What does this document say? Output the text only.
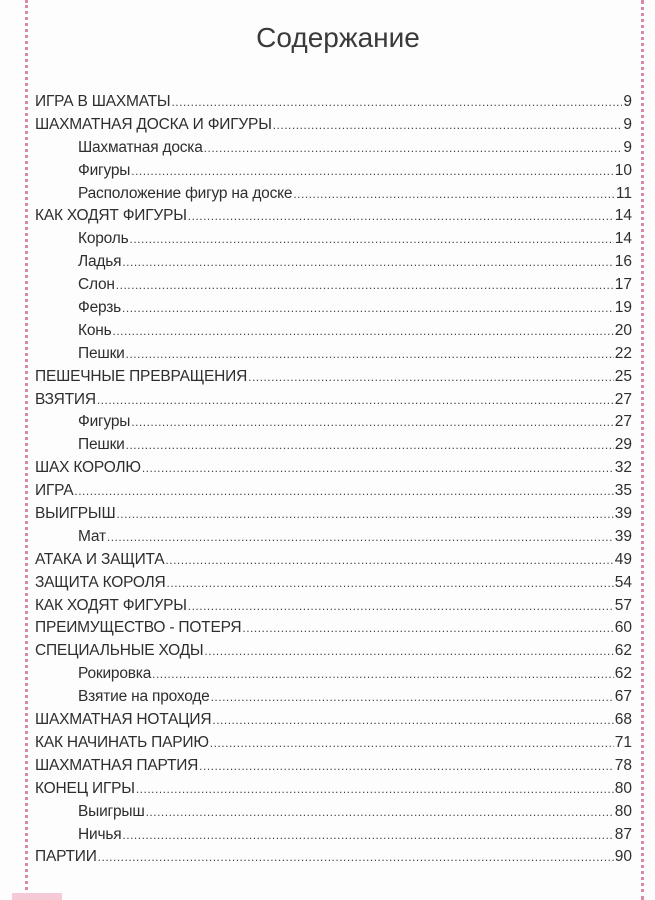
Содержание
ИГРА В ШАХМАТЫ .....	9
ШАХМАТНАЯ ДОСКА И ФИГУРЫ .....	9
Шахматная доска .....	9
Фигуры .....	10
Расположение фигур на доске .....	11
КАК ХОДЯТ ФИГУРЫ .....	14
Король .....	14
Ладья .....	16
Слон .....	17
Ферзь .....	19
Конь .....	20
Пешки .....	22
ПЕШЕЧНЫЕ ПРЕВРАЩЕНИЯ .....	25
ВЗЯТИЯ .....	27
Фигуры .....	27
Пешки .....	29
ШАХ КОРОЛЮ .....	32
ИГРА .....	35
ВЫИГРЫШ .....	39
Мат .....	39
АТАКА И ЗАЩИТА .....	49
ЗАЩИТА КОРОЛЯ .....	54
КАК ХОДЯТ ФИГУРЫ .....	57
ПРЕИМУЩЕСТВО - ПОТЕРЯ .....	60
СПЕЦИАЛЬНЫЕ ХОДЫ .....	62
Рокировка .....	62
Взятие на проходе .....	67
ШАХМАТНАЯ НОТАЦИЯ .....	68
КАК НАЧИНАТЬ ПАРИЮ .....	71
ШАХМАТНАЯ ПАРТИЯ .....	78
КОНЕЦ ИГРЫ .....	80
Выигрыш .....	80
Ничья .....	87
ПАРТИИ .....	90
